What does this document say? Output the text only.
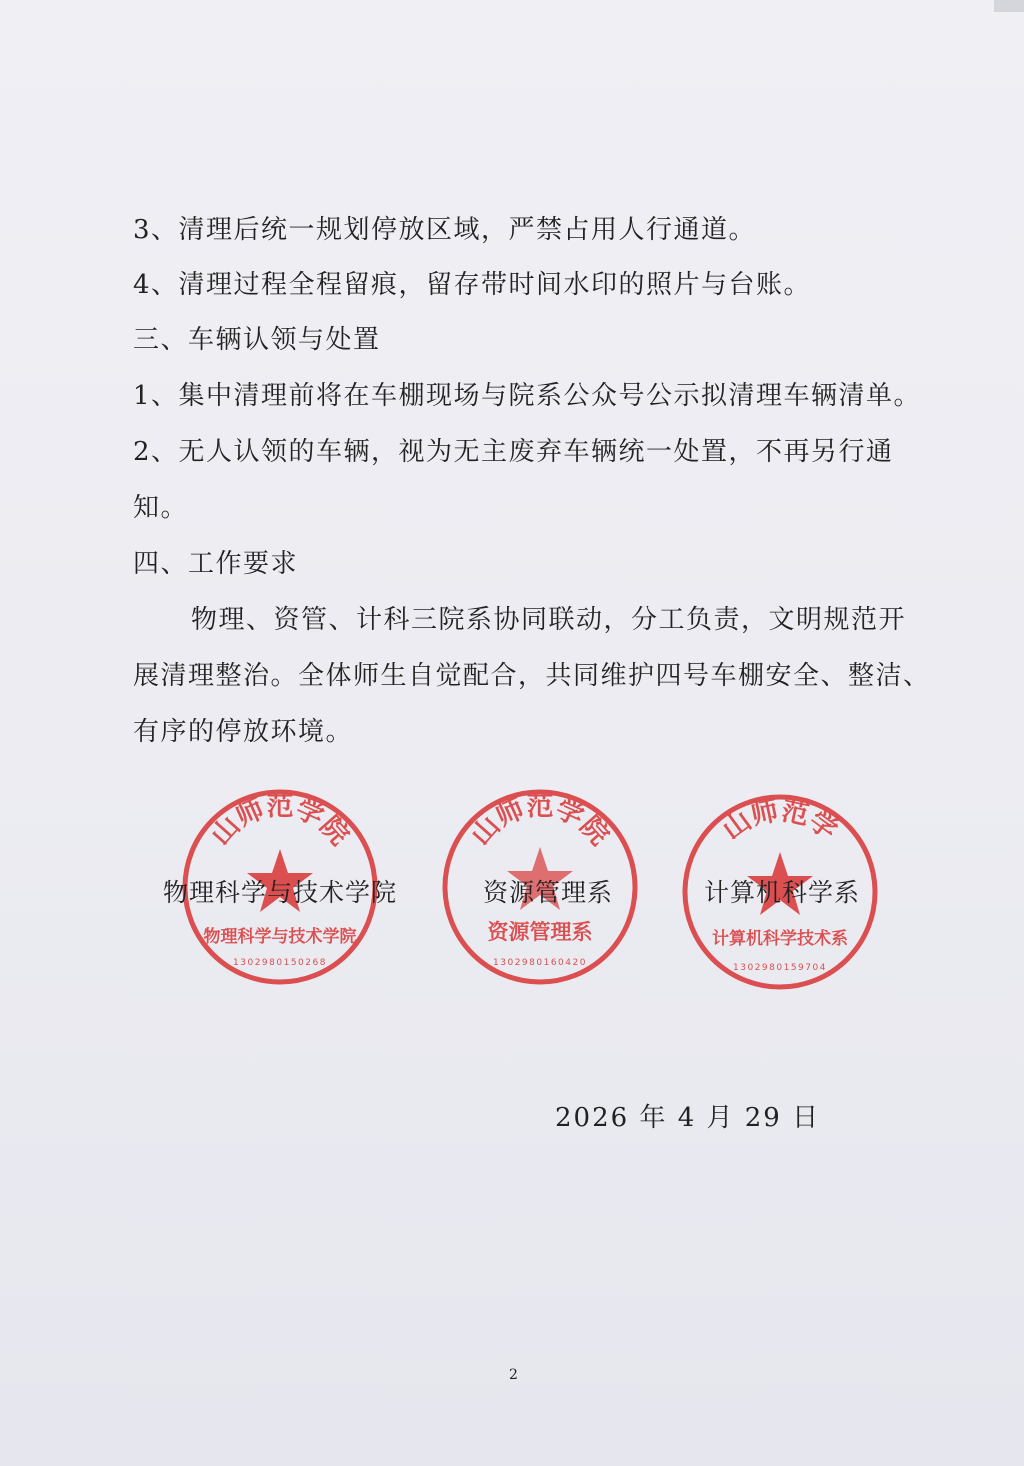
3、清理后统一规划停放区域，严禁占用人行通道。
4、清理过程全程留痕，留存带时间水印的照片与台账。
三、车辆认领与处置
1、集中清理前将在车棚现场与院系公众号公示拟清理车辆清单。
2、无人认领的车辆，视为无主废弃车辆统一处置，不再另行通
知。
四、工作要求
物理、资管、计科三院系协同联动，分工负责，文明规范开
展清理整治。全体师生自觉配合，共同维护四号车棚安全、整洁、
有序的停放环境。
山师范学院
物理科学与技术学院
1302980150268
山师范学院
资源管理系
1302980160420
山师范学
计算机科学技术系
1302980159704
物理科学与技术学院	资源管理系	计算机科学系
2026 年 4 月 29 日
2
